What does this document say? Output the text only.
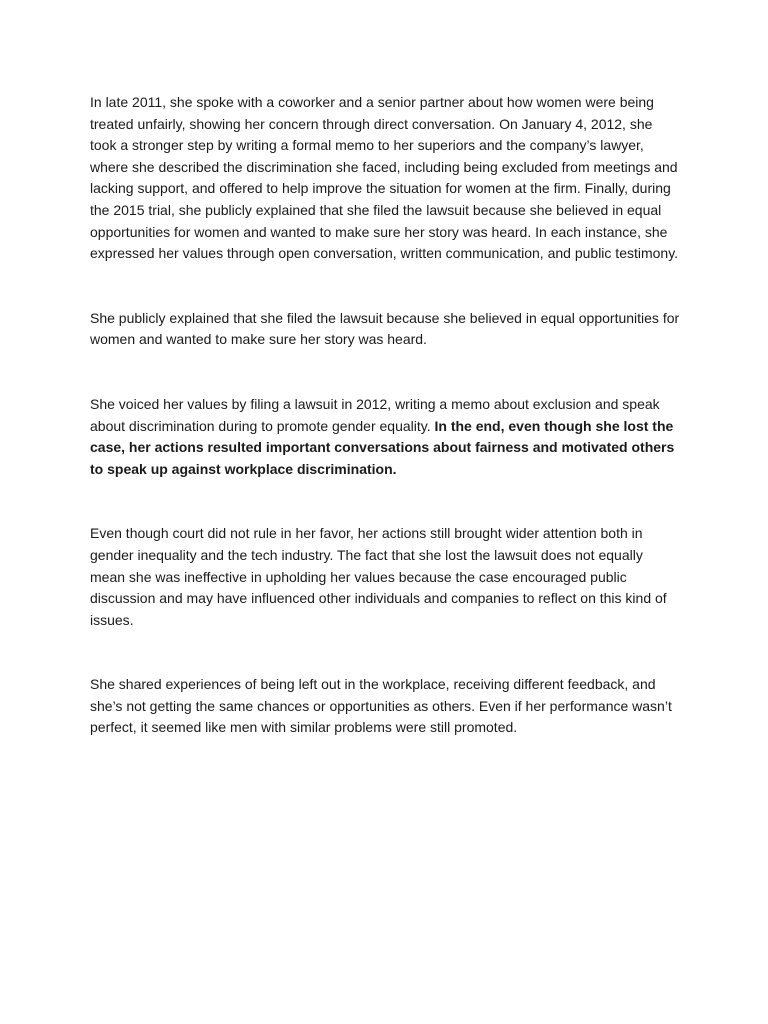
In late 2011, she spoke with a coworker and a senior partner about how women were being treated unfairly, showing her concern through direct conversation. On January 4, 2012, she took a stronger step by writing a formal memo to her superiors and the company’s lawyer, where she described the discrimination she faced, including being excluded from meetings and lacking support, and offered to help improve the situation for women at the firm. Finally, during the 2015 trial, she publicly explained that she filed the lawsuit because she believed in equal opportunities for women and wanted to make sure her story was heard. In each instance, she expressed her values through open conversation, written communication, and public testimony.

She publicly explained that she filed the lawsuit because she believed in equal opportunities for women and wanted to make sure her story was heard.

She voiced her values by filing a lawsuit in 2012, writing a memo about exclusion and speak about discrimination during to promote gender equality. In the end, even though she lost the case, her actions resulted important conversations about fairness and motivated others to speak up against workplace discrimination.

Even though court did not rule in her favor, her actions still brought wider attention both in gender inequality and the tech industry. The fact that she lost the lawsuit does not equally mean she was ineffective in upholding her values because the case encouraged public discussion and may have influenced other individuals and companies to reflect on this kind of issues.

She shared experiences of being left out in the workplace, receiving different feedback, and she’s not getting the same chances or opportunities as others. Even if her performance wasn’t perfect, it seemed like men with similar problems were still promoted.
